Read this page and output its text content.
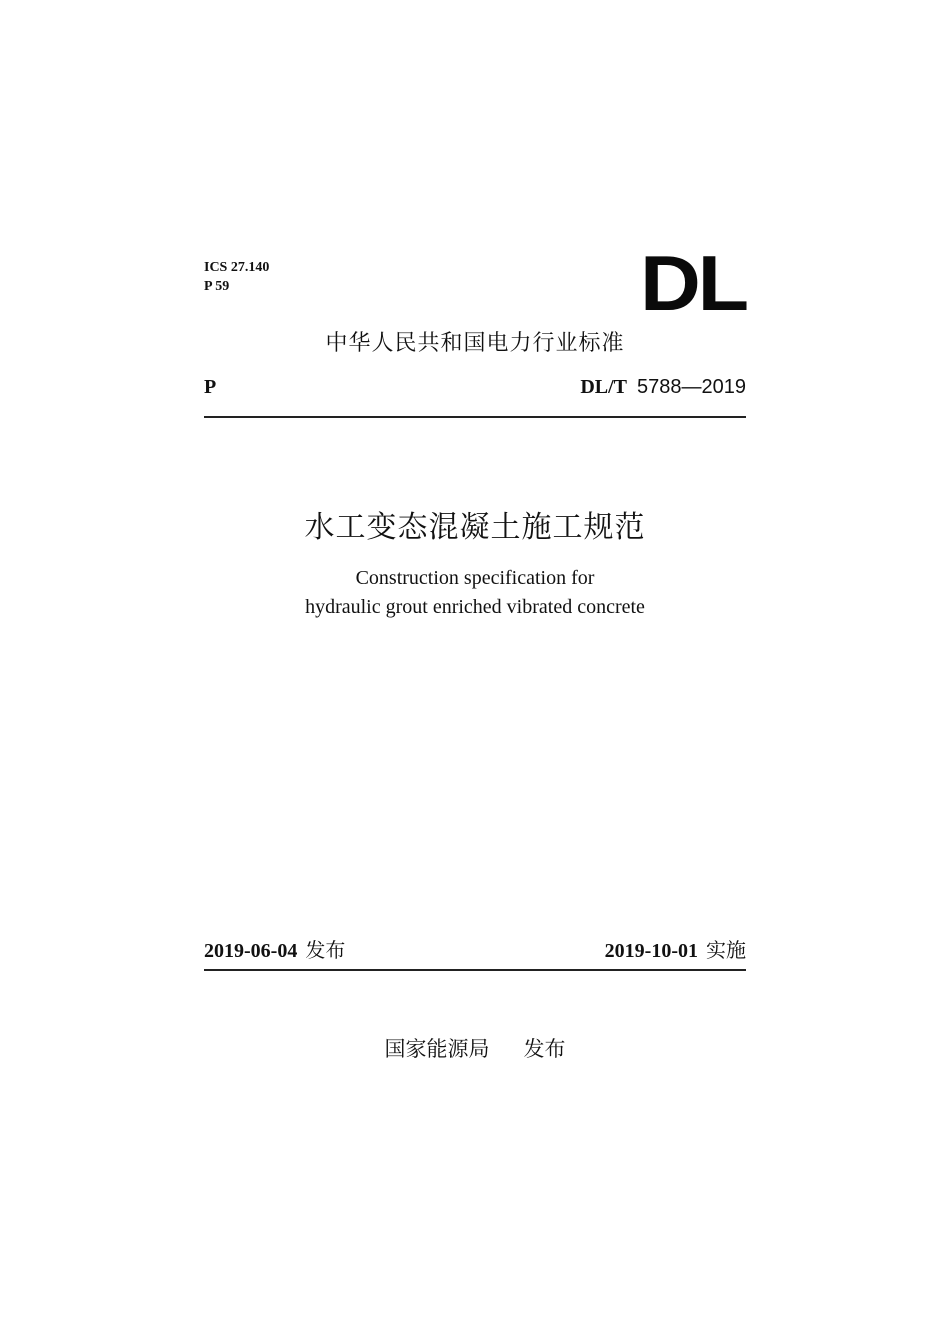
ICS 27.140
P 59	DL
中华人民共和国电力行业标准
P	DL/T 5788—2019
水工变态混凝土施工规范
Construction specification for
hydraulic grout enriched vibrated concrete
2019-06-04 发布	2019-10-01 实施
国家能源局 发布
